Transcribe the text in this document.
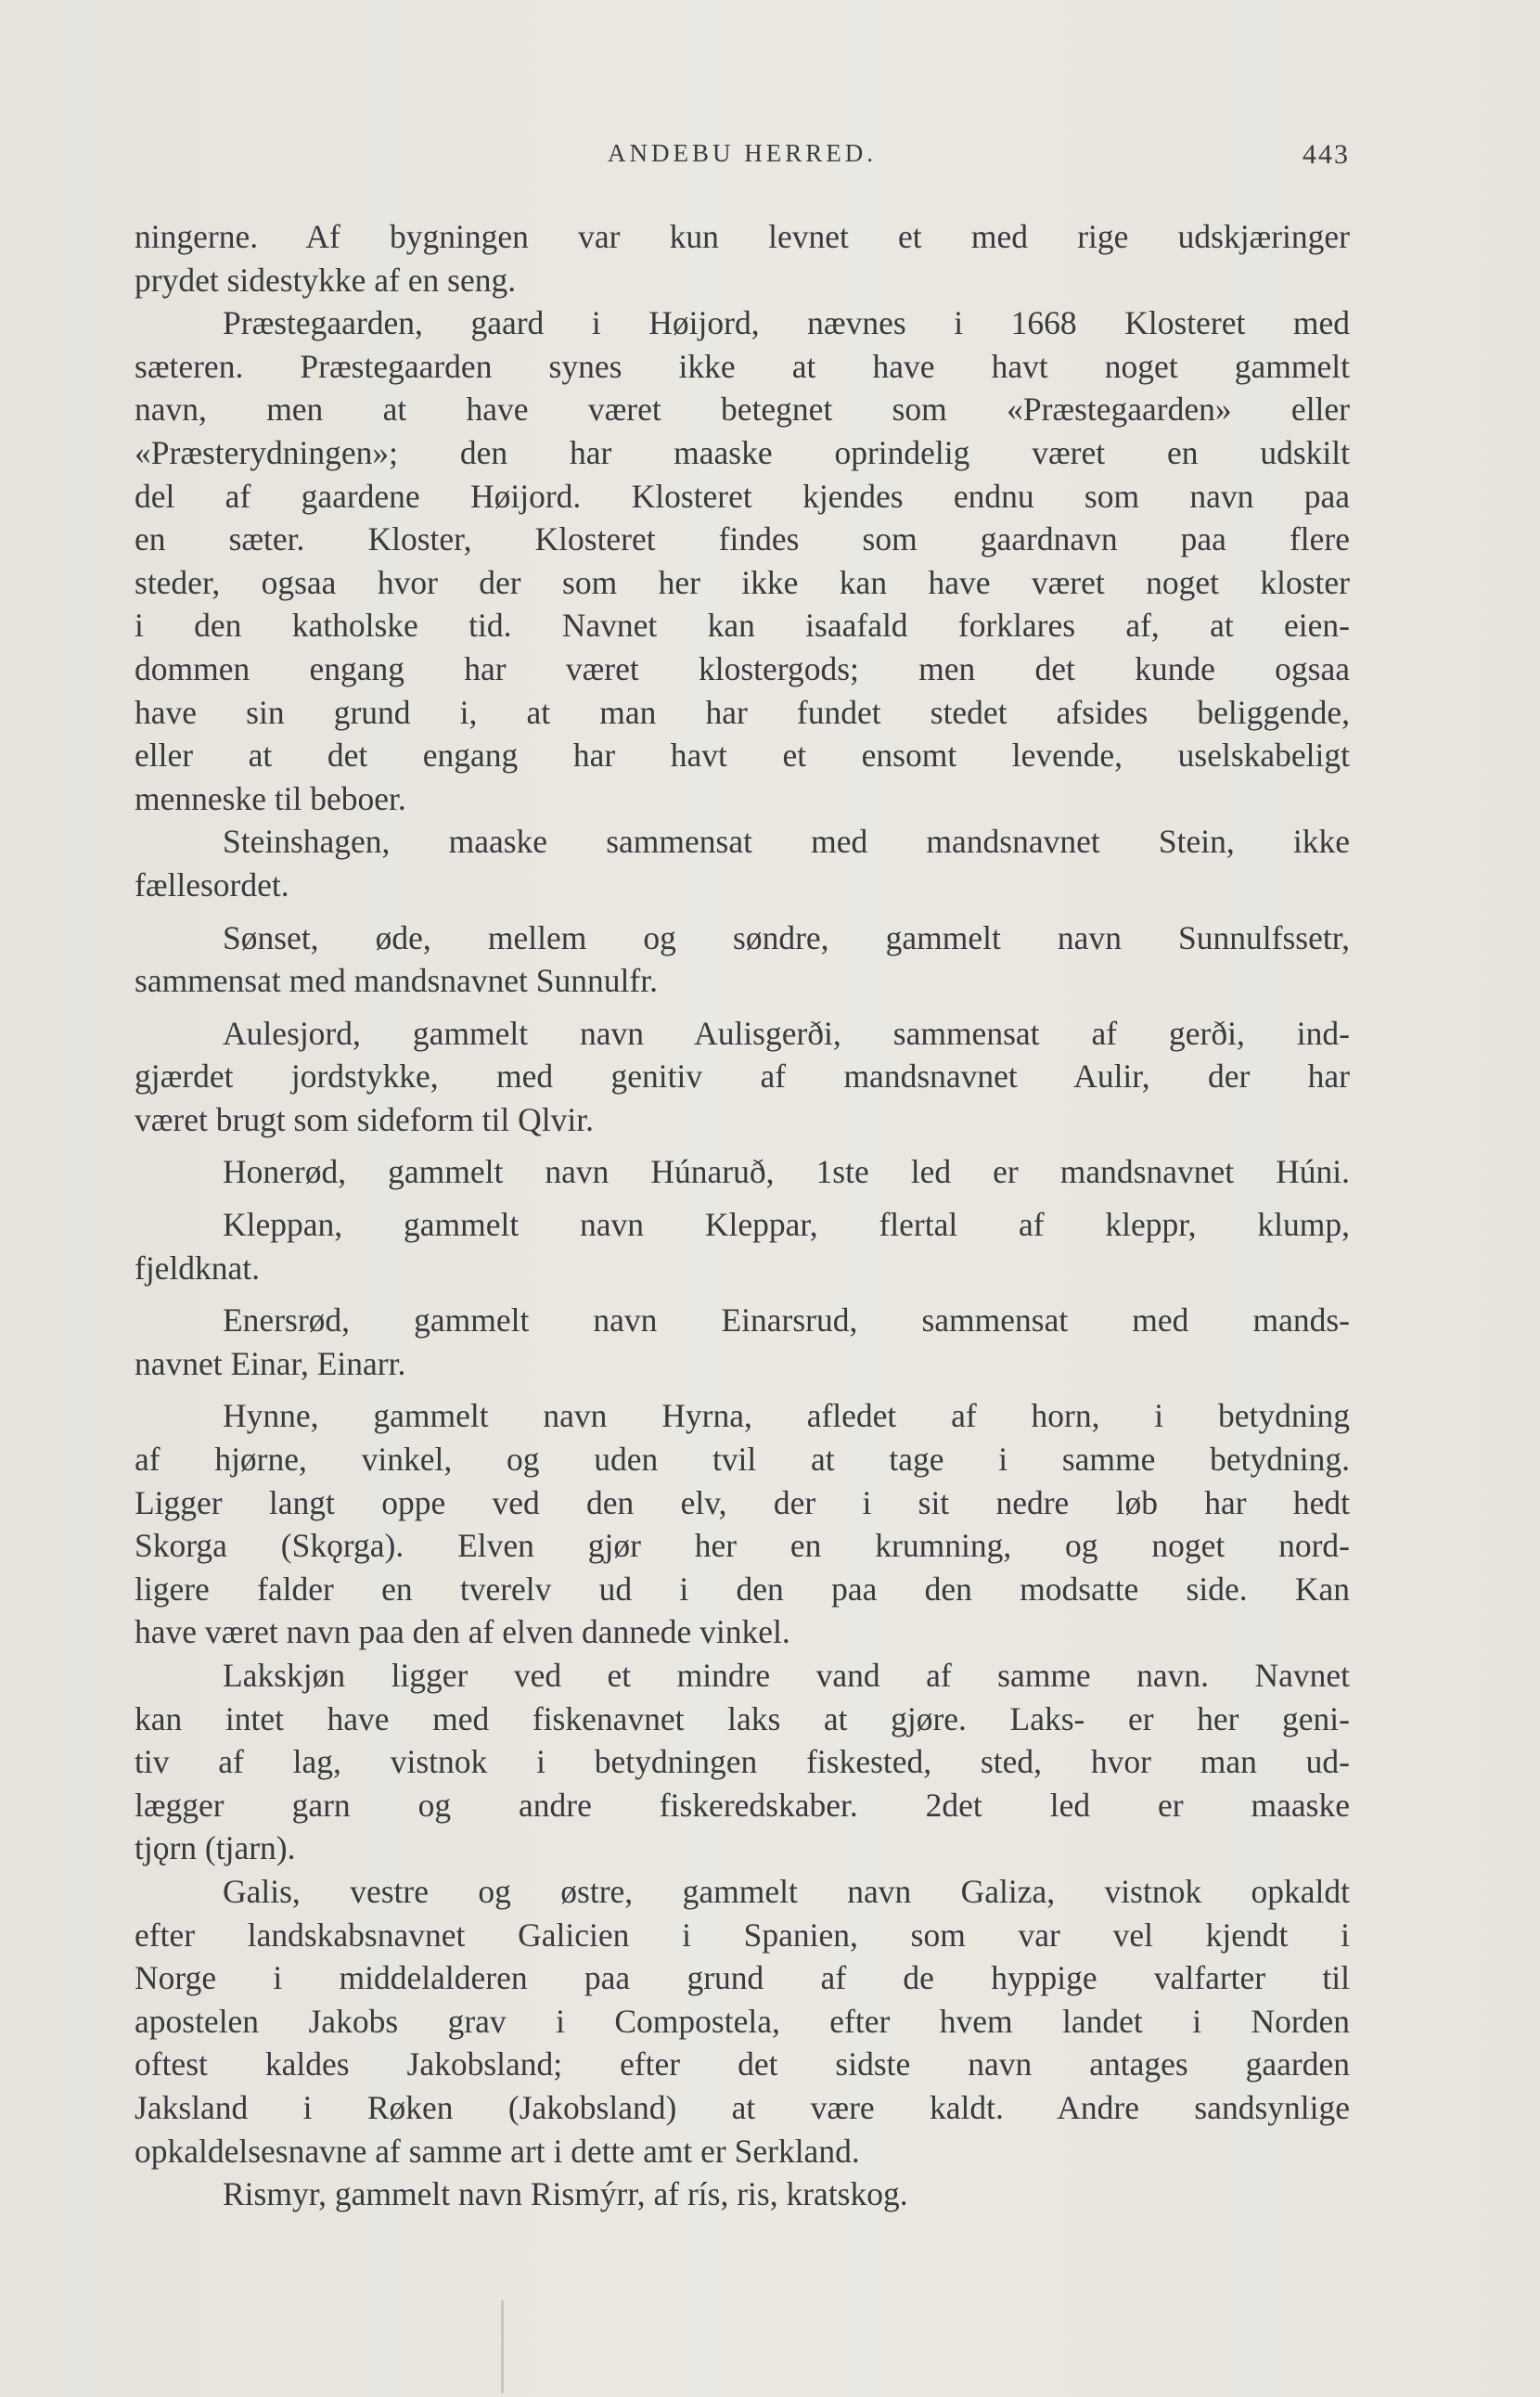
ANDEBU HERRED.	443
ningerne. Af bygningen var kun levnet et med rige udskjæringer
prydet sidestykke af en seng.
Præstegaarden, gaard i Høijord, nævnes i 1668 Klosteret med
sæteren. Præstegaarden synes ikke at have havt noget gammelt
navn, men at have været betegnet som «Præstegaarden» eller
«Præsterydningen»; den har maaske oprindelig været en udskilt
del af gaardene Høijord. Klosteret kjendes endnu som navn paa
en sæter. Kloster, Klosteret findes som gaardnavn paa flere
steder, ogsaa hvor der som her ikke kan have været noget kloster
i den katholske tid. Navnet kan isaafald forklares af, at eien-
dommen engang har været klostergods; men det kunde ogsaa
have sin grund i, at man har fundet stedet afsides beliggende,
eller at det engang har havt et ensomt levende, uselskabeligt
menneske til beboer.
Steinshagen, maaske sammensat med mandsnavnet Stein, ikke
fællesordet.
Sønset, øde, mellem og søndre, gammelt navn Sunnulfssetr,
sammensat med mandsnavnet Sunnulfr.
Aulesjord, gammelt navn Aulisgerði, sammensat af gerði, ind-
gjærdet jordstykke, med genitiv af mandsnavnet Aulir, der har
været brugt som sideform til Qlvir.
Honerød, gammelt navn Húnaruð, 1ste led er mandsnavnet Húni.
Kleppan, gammelt navn Kleppar, flertal af kleppr, klump,
fjeldknat.
Enersrød, gammelt navn Einarsrud, sammensat med mands-
navnet Einar, Einarr.
Hynne, gammelt navn Hyrna, afledet af horn, i betydning
af hjørne, vinkel, og uden tvil at tage i samme betydning.
Ligger langt oppe ved den elv, der i sit nedre løb har hedt
Skorga (Skǫrga). Elven gjør her en krumning, og noget nord-
ligere falder en tverelv ud i den paa den modsatte side. Kan
have været navn paa den af elven dannede vinkel.
Lakskjøn ligger ved et mindre vand af samme navn. Navnet
kan intet have med fiskenavnet laks at gjøre. Laks- er her geni-
tiv af lag, vistnok i betydningen fiskested, sted, hvor man ud-
lægger garn og andre fiskeredskaber. 2det led er maaske
tjǫrn (tjarn).
Galis, vestre og østre, gammelt navn Galiza, vistnok opkaldt
efter landskabsnavnet Galicien i Spanien, som var vel kjendt i
Norge i middelalderen paa grund af de hyppige valfarter til
apostelen Jakobs grav i Compostela, efter hvem landet i Norden
oftest kaldes Jakobsland; efter det sidste navn antages gaarden
Jaksland i Røken (Jakobsland) at være kaldt. Andre sandsynlige
opkaldelsesnavne af samme art i dette amt er Serkland.
Rismyr, gammelt navn Rismýrr, af rís, ris, kratskog.
